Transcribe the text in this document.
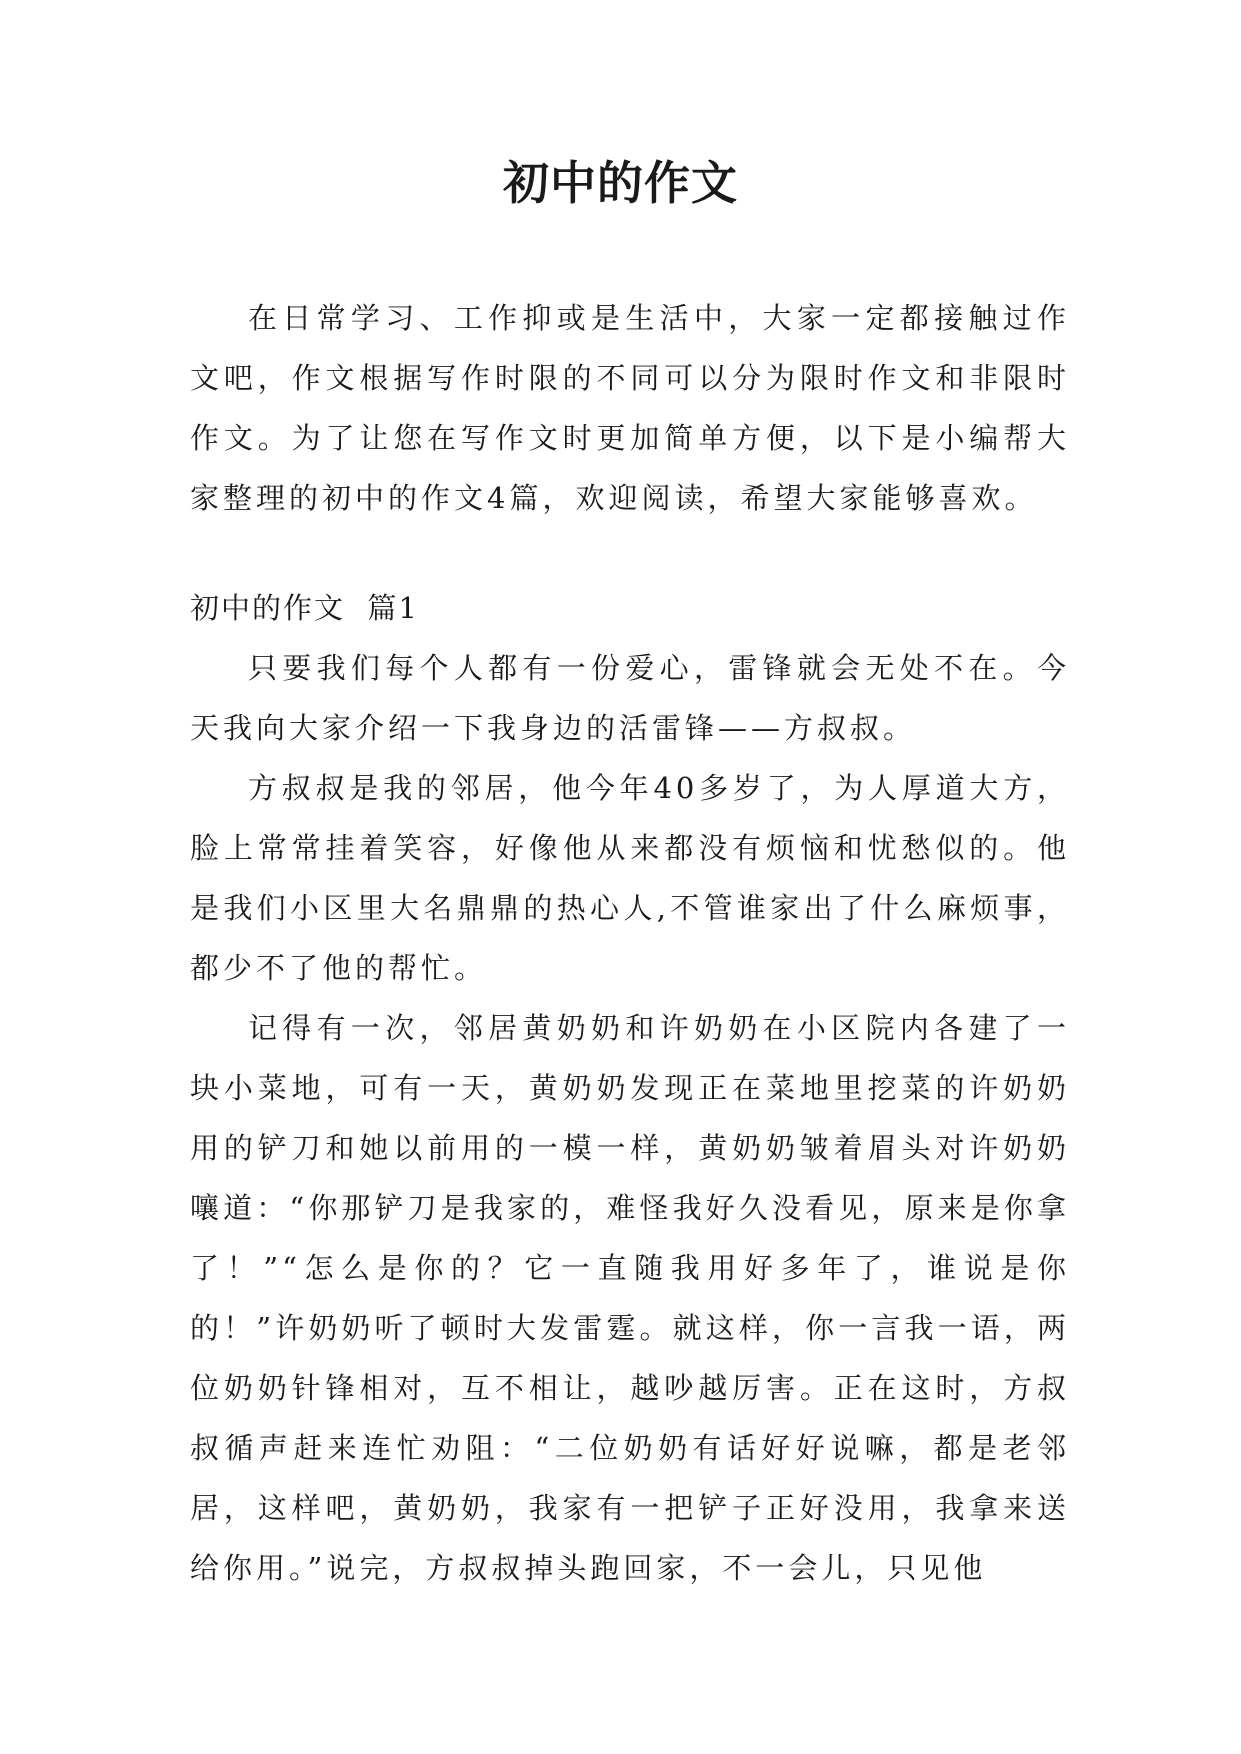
初中的作文

在日常学习、工作抑或是生活中，大家一定都接触过作文吧，作文根据写作时限的不同可以分为限时作文和非限时作文。为了让您在写作文时更加简单方便，以下是小编帮大家整理的初中的作文4篇，欢迎阅读，希望大家能够喜欢。

初中的作文  篇1

只要我们每个人都有一份爱心，雷锋就会无处不在。今天我向大家介绍一下我身边的活雷锋——方叔叔。

方叔叔是我的邻居，他今年40多岁了，为人厚道大方，脸上常常挂着笑容，好像他从来都没有烦恼和忧愁似的。他是我们小区里大名鼎鼎的热心人,不管谁家出了什么麻烦事，都少不了他的帮忙。

记得有一次，邻居黄奶奶和许奶奶在小区院内各建了一块小菜地，可有一天，黄奶奶发现正在菜地里挖菜的许奶奶用的铲刀和她以前用的一模一样，黄奶奶皱着眉头对许奶奶嚷道：“你那铲刀是我家的，难怪我好久没看见，原来是你拿了！”“怎么是你的？它一直随我用好多年了，谁说是你的！”许奶奶听了顿时大发雷霆。就这样，你一言我一语，两位奶奶针锋相对，互不相让，越吵越厉害。正在这时，方叔叔循声赶来连忙劝阻：“二位奶奶有话好好说嘛，都是老邻居，这样吧，黄奶奶，我家有一把铲子正好没用，我拿来送给你用。”说完，方叔叔掉头跑回家，不一会儿，只见他
